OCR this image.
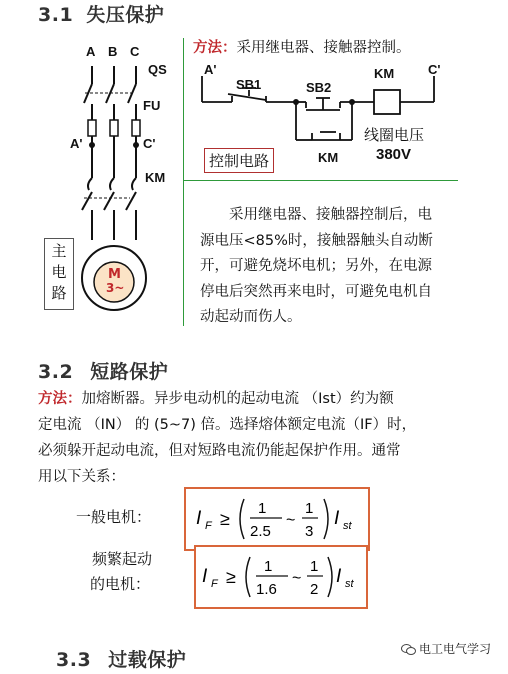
3.1 失压保护
A B C
QS
FU
A'	C'
KM
M
3~
主电路
方法：采用继电器、接触器控制。
A'	C'
SB1	SB2
KM
KM
线圈电压
380V
控制电路
采用继电器、接触器控制后，电源电压<85%时，接触器触头自动断开，可避免烧坏电机；另外，在电源停电后突然再来电时，可避免电机自动起动而伤人。
3.2 短路保护
方法：加熔断器。异步电动机的起动电流 （Ist）约为额
定电流 （IN） 的 (5~7) 倍。选择熔体额定电流（IF）时，
必须躲开起动电流，但对短路电流仍能起保护作用。通常
用以下关系：
一般电机：
频繁起动
的电机：
I F ≥
1
2.5
~
1
3
I st
I F ≥
1
1.6
~
1
2
I st
3.3 过载保护	电工电气学习
